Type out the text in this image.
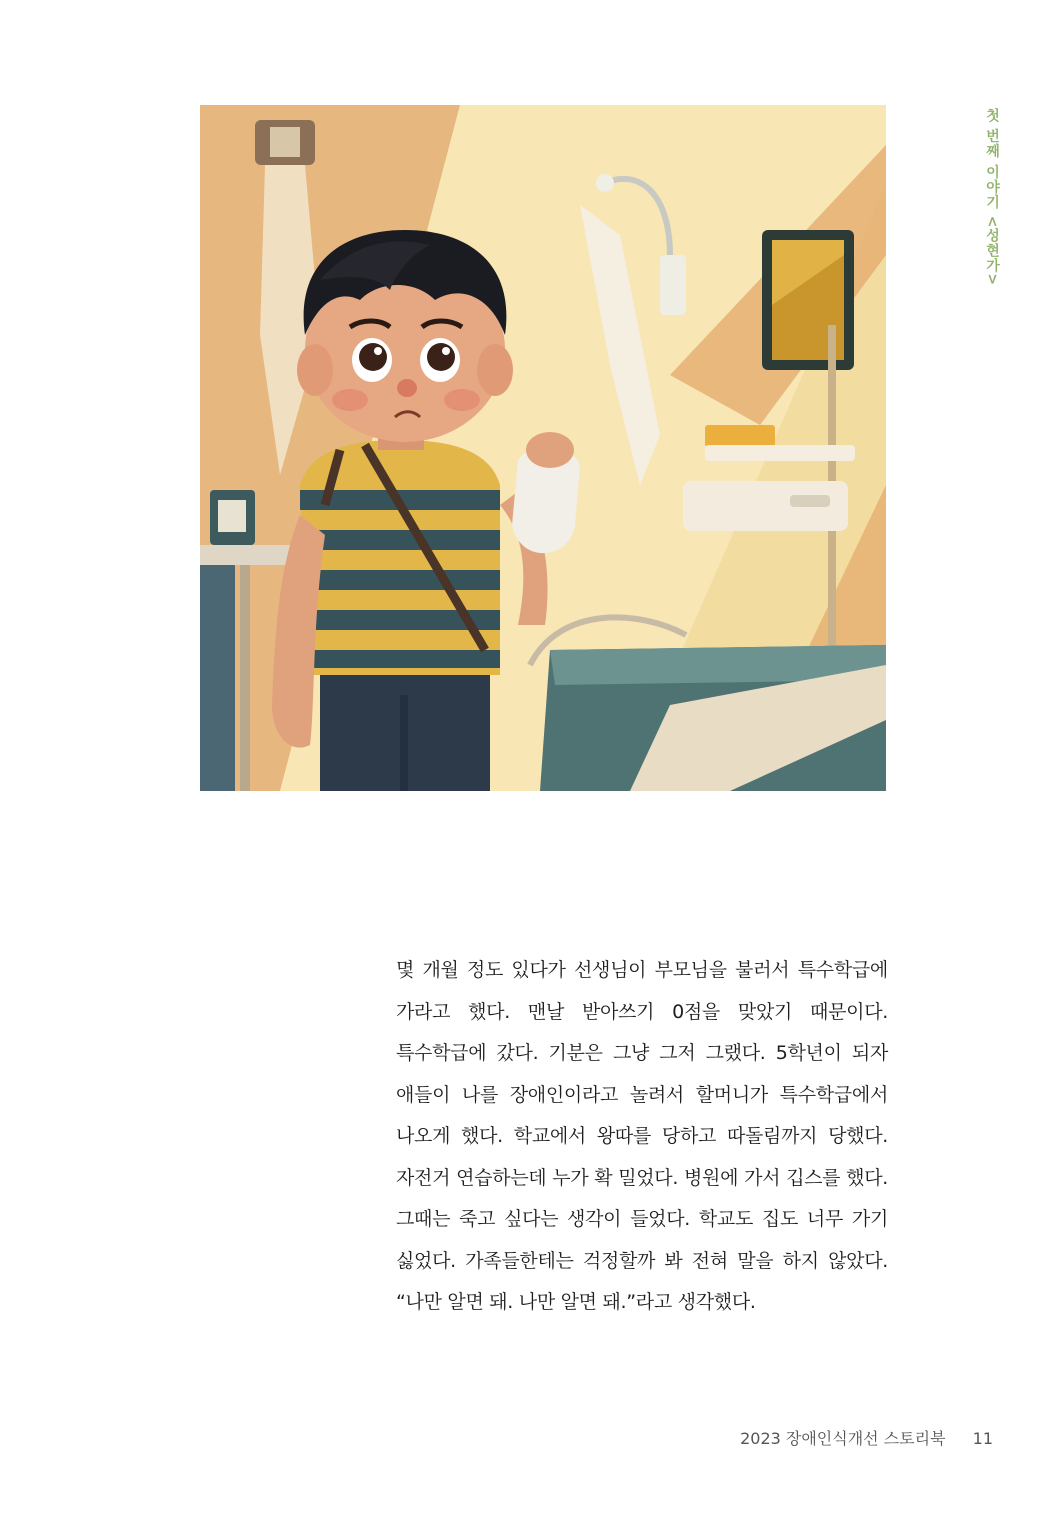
첫 번째 이야기 <성현가>

몇 개월 정도 있다가 선생님이 부모님을 불러서 특수학급에 가라고 했다. 맨날 받아쓰기 0점을 맞았기 때문이다. 특수학급에 갔다. 기분은 그냥 그저 그랬다. 5학년이 되자 애들이 나를 장애인이라고 놀려서 할머니가 특수학급에서 나오게 했다. 학교에서 왕따를 당하고 따돌림까지 당했다. 자전거 연습하는데 누가 확 밀었다. 병원에 가서 깁스를 했다. 그때는 죽고 싶다는 생각이 들었다. 학교도 집도 너무 가기 싫었다. 가족들한테는 걱정할까 봐 전혀 말을 하지 않았다. “나만 알면 돼. 나만 알면 돼.”라고 생각했다.

2023 장애인식개선 스토리북 11
